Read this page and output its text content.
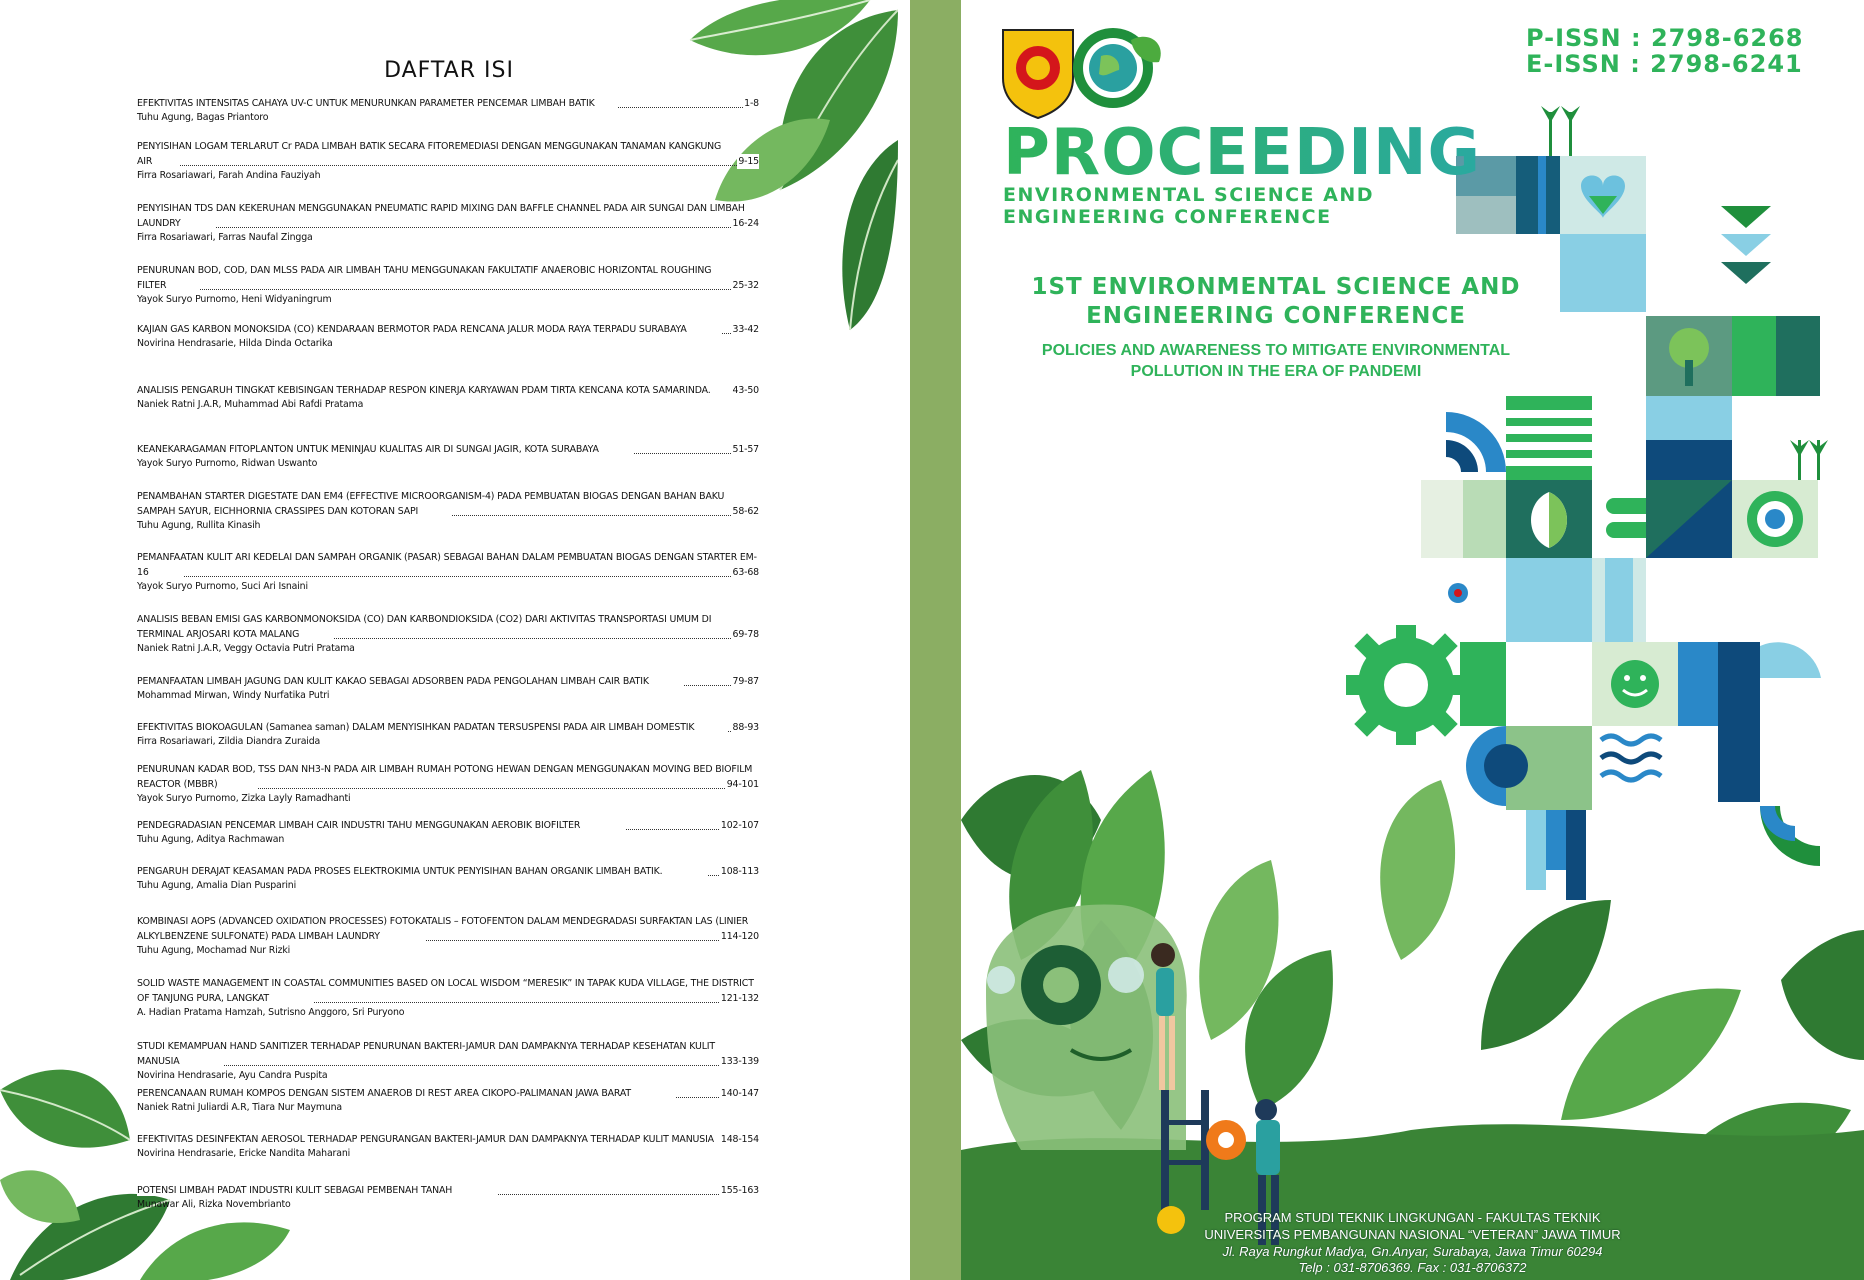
DAFTAR ISI
EFEKTIVITAS INTENSITAS CAHAYA UV-C UNTUK MENURUNKAN PARAMETER PENCEMAR LIMBAH BATIK	1-8
Tuhu Agung, Bagas Priantoro
PENYISIHAN LOGAM TERLARUT Cr PADA LIMBAH BATIK SECARA FITOREMEDIASI DENGAN MENGGUNAKAN TANAMAN KANGKUNG AIR	9-15
Firra Rosariawari, Farah Andina Fauziyah
PENYISIHAN TDS DAN KEKERUHAN MENGGUNAKAN PNEUMATIC RAPID MIXING DAN BAFFLE CHANNEL PADA AIR SUNGAI DAN LIMBAH LAUNDRY	16-24
Firra Rosariawari, Farras Naufal Zingga
PENURUNAN BOD, COD, DAN MLSS PADA AIR LIMBAH TAHU MENGGUNAKAN FAKULTATIF ANAEROBIC HORIZONTAL ROUGHING FILTER	25-32
Yayok Suryo Purnomo, Heni Widyaningrum
KAJIAN GAS KARBON MONOKSIDA (CO) KENDARAAN BERMOTOR PADA RENCANA JALUR MODA RAYA TERPADU SURABAYA	33-42
Novirina Hendrasarie, Hilda Dinda Octarika
ANALISIS PENGARUH TINGKAT KEBISINGAN TERHADAP RESPON KINERJA KARYAWAN PDAM TIRTA KENCANA KOTA SAMARINDA. 43-50
Naniek Ratni J.A.R, Muhammad Abi Rafdi Pratama
KEANEKARAGAMAN FITOPLANTON UNTUK MENINJAU KUALITAS AIR DI SUNGAI JAGIR, KOTA SURABAYA	51-57
Yayok Suryo Purnomo, Ridwan Uswanto
PENAMBAHAN STARTER DIGESTATE DAN EM4 (EFFECTIVE MICROORGANISM-4) PADA PEMBUATAN BIOGAS DENGAN BAHAN BAKU SAMPAH SAYUR, EICHHORNIA CRASSIPES DAN KOTORAN SAPI	58-62
Tuhu Agung, Rullita Kinasih
PEMANFAATAN KULIT ARI KEDELAI DAN SAMPAH ORGANIK (PASAR) SEBAGAI BAHAN DALAM PEMBUATAN BIOGAS DENGAN STARTER EM-16	63-68
Yayok Suryo Purnomo, Suci Ari Isnaini
ANALISIS BEBAN EMISI GAS KARBONMONOKSIDA (CO) DAN KARBONDIOKSIDA (CO2) DARI AKTIVITAS TRANSPORTASI UMUM DI TERMINAL ARJOSARI KOTA MALANG	69-78
Naniek Ratni J.A.R, Veggy Octavia Putri Pratama
PEMANFAATAN LIMBAH JAGUNG DAN KULIT KAKAO SEBAGAI ADSORBEN PADA PENGOLAHAN LIMBAH CAIR BATIK	79-87
Mohammad Mirwan, Windy Nurfatika Putri
EFEKTIVITAS BIOKOAGULAN (Samanea saman) DALAM MENYISIHKAN PADATAN TERSUSPENSI PADA AIR LIMBAH DOMESTIK	88-93
Firra Rosariawari, Zildia Diandra Zuraida
PENURUNAN KADAR BOD, TSS DAN NH3-N PADA AIR LIMBAH RUMAH POTONG HEWAN DENGAN MENGGUNAKAN MOVING BED BIOFILM REACTOR (MBBR)	94-101
Yayok Suryo Purnomo, Zizka Layly Ramadhanti
PENDEGRADASIAN PENCEMAR LIMBAH CAIR INDUSTRI TAHU MENGGUNAKAN AEROBIK BIOFILTER	102-107
Tuhu Agung, Aditya Rachmawan
PENGARUH DERAJAT KEASAMAN PADA PROSES ELEKTROKIMIA UNTUK PENYISIHAN BAHAN ORGANIK LIMBAH BATIK.	108-113
Tuhu Agung, Amalia Dian Pusparini
KOMBINASI AOPS (ADVANCED OXIDATION PROCESSES) FOTOKATALIS – FOTOFENTON DALAM MENDEGRADASI SURFAKTAN LAS (LINIER ALKYLBENZENE SULFONATE) PADA LIMBAH LAUNDRY	114-120
Tuhu Agung, Mochamad Nur Rizki
SOLID WASTE MANAGEMENT IN COASTAL COMMUNITIES BASED ON LOCAL WISDOM “MERESIK” IN TAPAK KUDA VILLAGE, THE DISTRICT OF TANJUNG PURA, LANGKAT	121-132
A. Hadian Pratama Hamzah, Sutrisno Anggoro, Sri Puryono
STUDI KEMAMPUAN HAND SANITIZER TERHADAP PENURUNAN BAKTERI-JAMUR DAN DAMPAKNYA TERHADAP KESEHATAN KULIT MANUSIA	133-139
Novirina Hendrasarie, Ayu Candra Puspita
PERENCANAAN RUMAH KOMPOS DENGAN SISTEM ANAEROB DI REST AREA CIKOPO-PALIMANAN JAWA BARAT	140-147
Naniek Ratni Juliardi A.R, Tiara Nur Maymuna
EFEKTIVITAS DESINFEKTAN AEROSOL TERHADAP PENGURANGAN BAKTERI-JAMUR DAN DAMPAKNYA TERHADAP KULIT MANUSIA 148-154
Novirina Hendrasarie, Ericke Nandita Maharani
POTENSI LIMBAH PADAT INDUSTRI KULIT SEBAGAI PEMBENAH TANAH	155-163
Munawar Ali, Rizka Novembrianto
P-ISSN : 2798-6268
E-ISSN : 2798-6241
PROCEEDING
ENVIRONMENTAL SCIENCE AND
ENGINEERING CONFERENCE
1ST ENVIRONMENTAL SCIENCE AND
ENGINEERING CONFERENCE
POLICIES AND AWARENESS TO MITIGATE ENVIRONMENTAL
POLLUTION IN THE ERA OF PANDEMI
PROGRAM STUDI TEKNIK LINGKUNGAN - FAKULTAS TEKNIK
UNIVERSITAS PEMBANGUNAN NASIONAL “VETERAN” JAWA TIMUR
Jl. Raya Rungkut Madya, Gn.Anyar, Surabaya, Jawa Timur 60294
Telp : 031-8706369. Fax : 031-8706372
